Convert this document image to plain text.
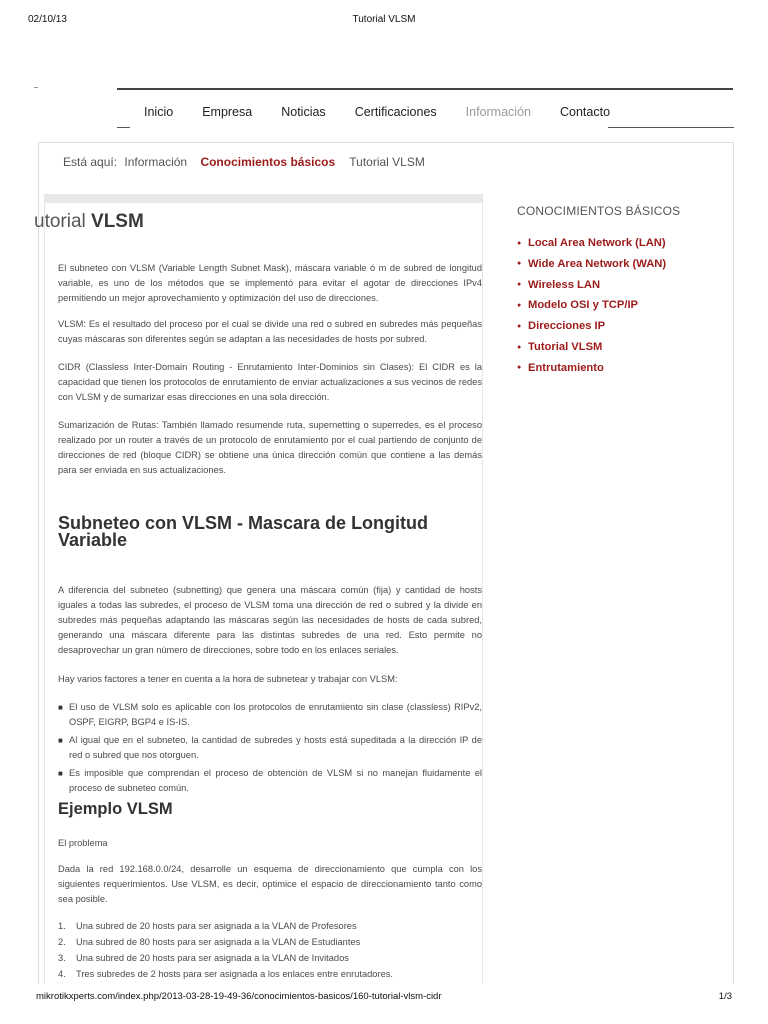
02/10/13	Tutorial VLSM
Inicio Empresa Noticias Certificaciones Información Contacto
Está aquí: Información Conocimientos básicos Tutorial VLSM
utorial VLSM

El subneteo con VLSM (Variable Length Subnet Mask), máscara variable ó m de subred de longitud variable, es uno de los métodos que se implementó para evitar el agotar de direcciones IPv4 permitiendo un mejor aprovechamiento y optimización del uso de direcciones.

VLSM: Es el resultado del proceso por el cual se divide una red o subred en subredes más pequeñas cuyas máscaras son diferentes según se adaptan a las necesidades de hosts por subred.

CIDR (Classless Inter-Domain Routing - Enrutamiento Inter-Dominios sin Clases): El CIDR es la capacidad que tienen los protocolos de enrutamiento de enviar actualizaciones a sus vecinos de redes con VLSM y de sumarizar esas direcciones en una sola dirección.

Sumarización de Rutas: También llamado resumende ruta, supernetting o superredes, es el proceso realizado por un router a través de un protocolo de enrutamiento por el cual partiendo de conjunto de direcciones de red (bloque CIDR) se obtiene una única dirección común que contiene a las demás para ser enviada en sus actualizaciones.

Subneteo con VLSM - Mascara de Longitud Variable

A diferencia del subneteo (subnetting) que genera una máscara común (fija) y cantidad de hosts iguales a todas las subredes, el proceso de VLSM toma una dirección de red o subred y la divide en subredes más pequeñas adaptando las máscaras según las necesidades de hosts de cada subred, generando una máscara diferente para las distintas subredes de una red. Esto permite no desaprovechar un gran número de direcciones, sobre todo en los enlaces seriales.

Hay varios factores a tener en cuenta a la hora de subnetear y trabajar con VLSM:

■ El uso de VLSM solo es aplicable con los protocolos de enrutamiento sin clase (classless) RIPv2, OSPF, EIGRP, BGP4 e IS-IS.
■ Al igual que en el subneteo, la cantidad de subredes y hosts está supeditada a la dirección IP de red o subred que nos otorguen.
■ Es imposible que comprendan el proceso de obtención de VLSM si no manejan fluidamente el proceso de subneteo común.
Ejemplo VLSM

El problema

Dada la red 192.168.0.0/24, desarrolle un esquema de direccionamiento que cumpla con los siguientes requerimientos. Use VLSM, es decir, optimice el espacio de direccionamiento tanto como sea posible.

1. Una subred de 20 hosts para ser asignada a la VLAN de Profesores
2. Una subred de 80 hosts para ser asignada a la VLAN de Estudiantes
3. Una subred de 20 hosts para ser asignada a la VLAN de Invitados
4. Tres subredes de 2 hosts para ser asignada a los enlaces entre enrutadores.
CONOCIMIENTOS BÁSICOS
● Local Area Network (LAN)
● Wide Area Network (WAN)
● Wireless LAN
● Modelo OSI y TCP/IP
● Direcciones IP
● Tutorial VLSM
● Entrutamiento
mikrotikxperts.com/index.php/2013-03-28-19-49-36/conocimientos-basicos/160-tutorial-vlsm-cidr	1/3
